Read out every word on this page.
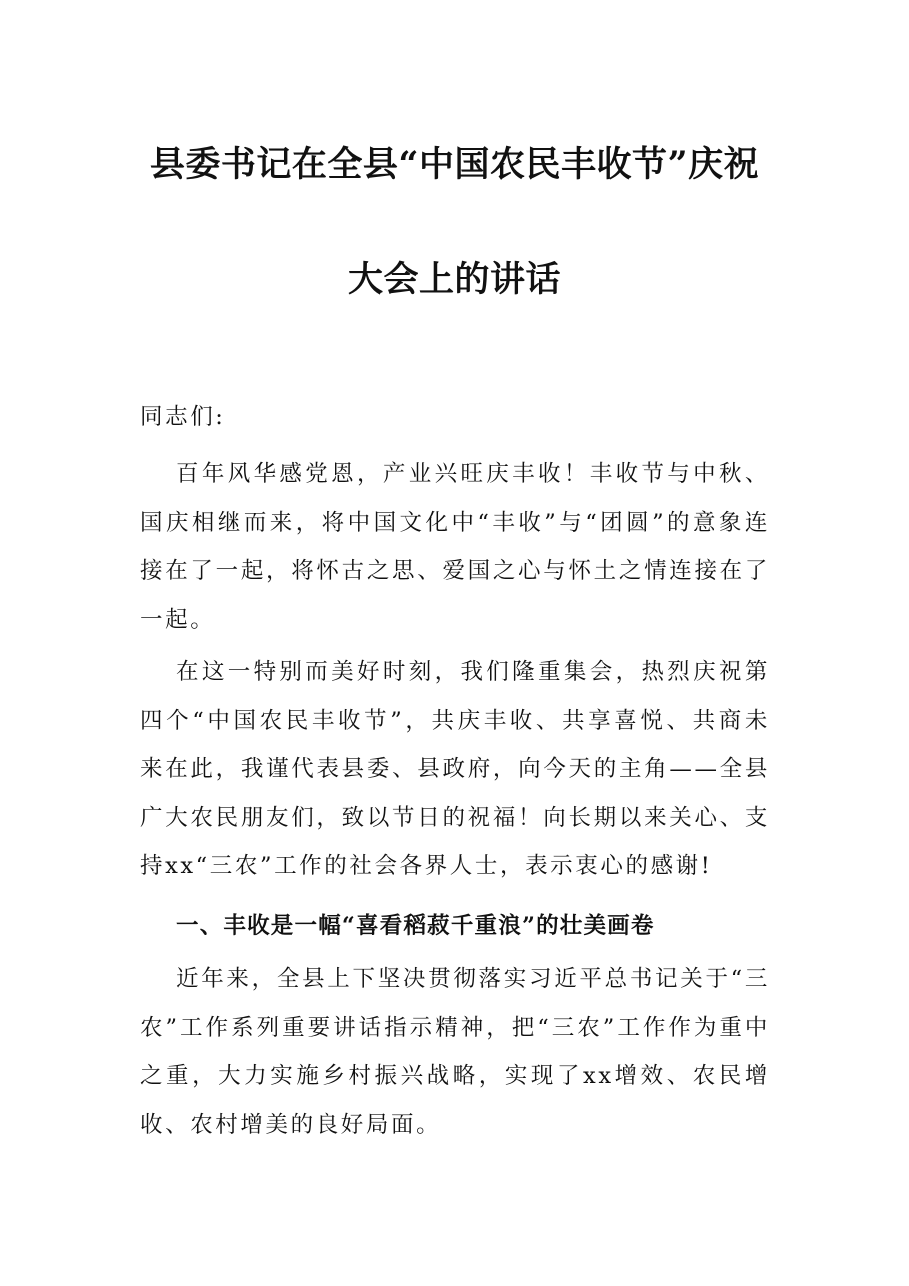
县委书记在全县“中国农民丰收节”庆祝
大会上的讲话

同志们:

百年风华感党恩，产业兴旺庆丰收！丰收节与中秋、国庆相继而来，将中国文化中“丰收”与“团圆”的意象连接在了一起，将怀古之思、爱国之心与怀土之情连接在了一起。

在这一特别而美好时刻，我们隆重集会，热烈庆祝第四个“中国农民丰收节”，共庆丰收、共享喜悦、共商未来在此，我谨代表县委、县政府，向今天的主角——全县广大农民朋友们，致以节日的祝福！向长期以来关心、支持xx“三农”工作的社会各界人士，表示衷心的感谢!

一、丰收是一幅“喜看稻菽千重浪”的壮美画卷

近年来，全县上下坚决贯彻落实习近平总书记关于“三农”工作系列重要讲话指示精神，把“三农”工作作为重中之重，大力实施乡村振兴战略，实现了xx增效、农民增收、农村增美的良好局面。
